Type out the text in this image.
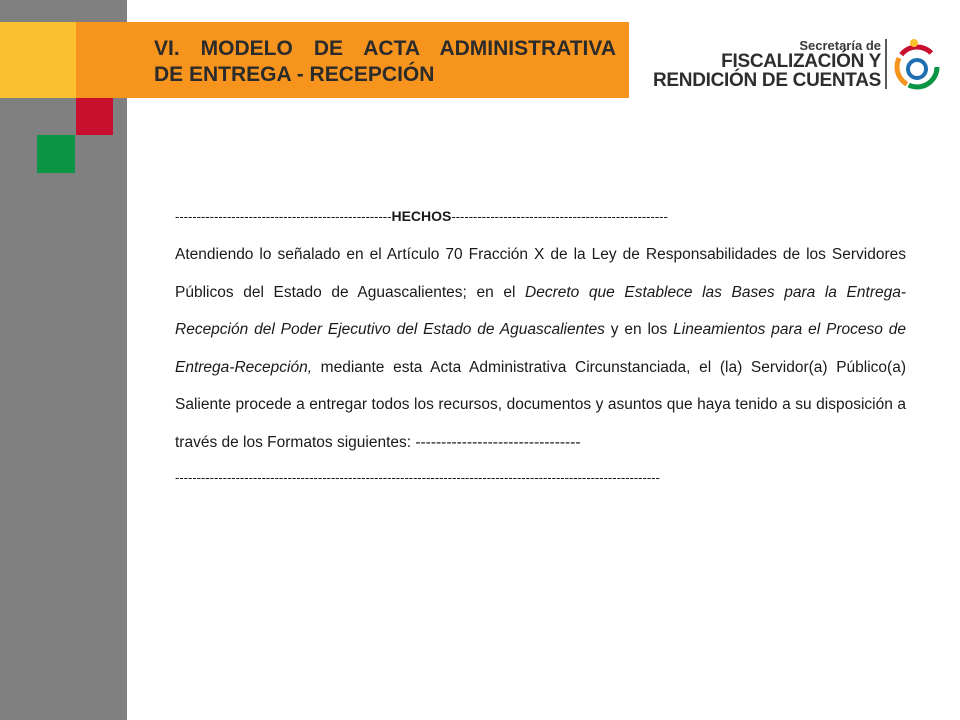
VI. MODELO DE ACTA ADMINISTRATIVA
DE ENTREGA - RECEPCIÓN
Secretaría de
FISCALIZACIÓN Y
RENDICIÓN DE CUENTAS

--------------------------------------------------HECHOS--------------------------------------------------

Atendiendo lo señalado en el Artículo 70 Fracción X de la Ley de Responsabilidades de los Servidores Públicos del Estado de Aguascalientes; en el Decreto que Establece las Bases para la Entrega- Recepción del Poder Ejecutivo del Estado de Aguascalientes y en los Lineamientos para el Proceso de Entrega-Recepción, mediante esta Acta Administrativa Circunstanciada, el (la) Servidor(a) Público(a) Saliente procede a entregar todos los recursos, documentos y asuntos que haya tenido a su disposición a través de los Formatos siguientes: --------------------------------

----------------------------------------------------------------------------------------------------------------
